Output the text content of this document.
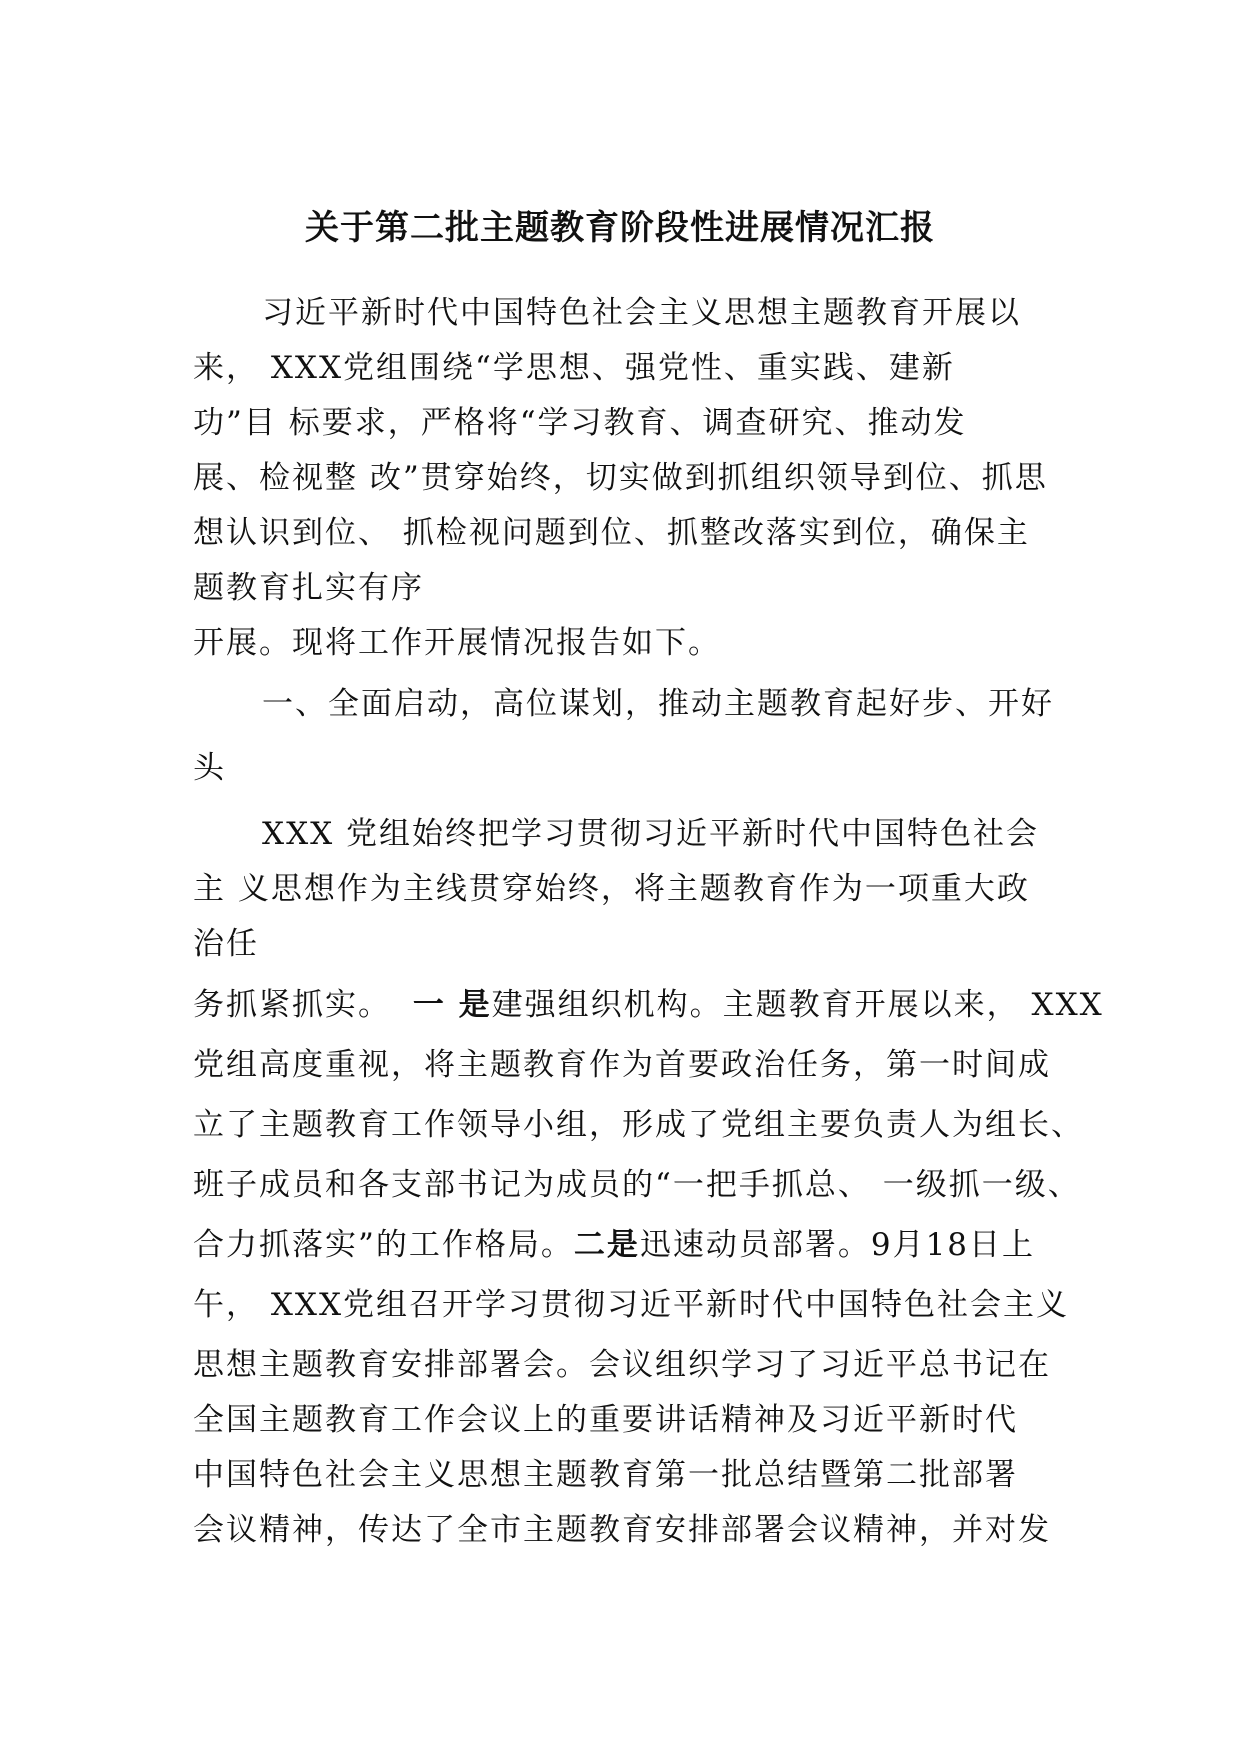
关于第二批主题教育阶段性进展情况汇报
习近平新时代中国特色社会主义思想主题教育开展以
来， XXX党组围绕“学思想、强党性、重实践、建新
功”目 标要求，严格将“学习教育、调查研究、推动发
展、检视整 改”贯穿始终，切实做到抓组织领导到位、抓思
想认识到位、 抓检视问题到位、抓整改落实到位，确保主
题教育扎实有序
开展。现将工作开展情况报告如下。
一、全面启动，高位谋划，推动主题教育起好步、开好
头
XXX 党组始终把学习贯彻习近平新时代中国特色社会
主 义思想作为主线贯穿始终，将主题教育作为一项重大政
治任
务抓紧抓实。 一 是建强组织机构。主题教育开展以来， XXX
党组高度重视，将主题教育作为首要政治任务，第一时间成
立了主题教育工作领导小组，形成了党组主要负责人为组长、
班子成员和各支部书记为成员的“一把手抓总、 一级抓一级、
合力抓落实”的工作格局。二是迅速动员部署。9月18日上
午， XXX党组召开学习贯彻习近平新时代中国特色社会主义
思想主题教育安排部署会。会议组织学习了习近平总书记在
全国主题教育工作会议上的重要讲话精神及习近平新时代
中国特色社会主义思想主题教育第一批总结暨第二批部署
会议精神，传达了全市主题教育安排部署会议精神，并对发
